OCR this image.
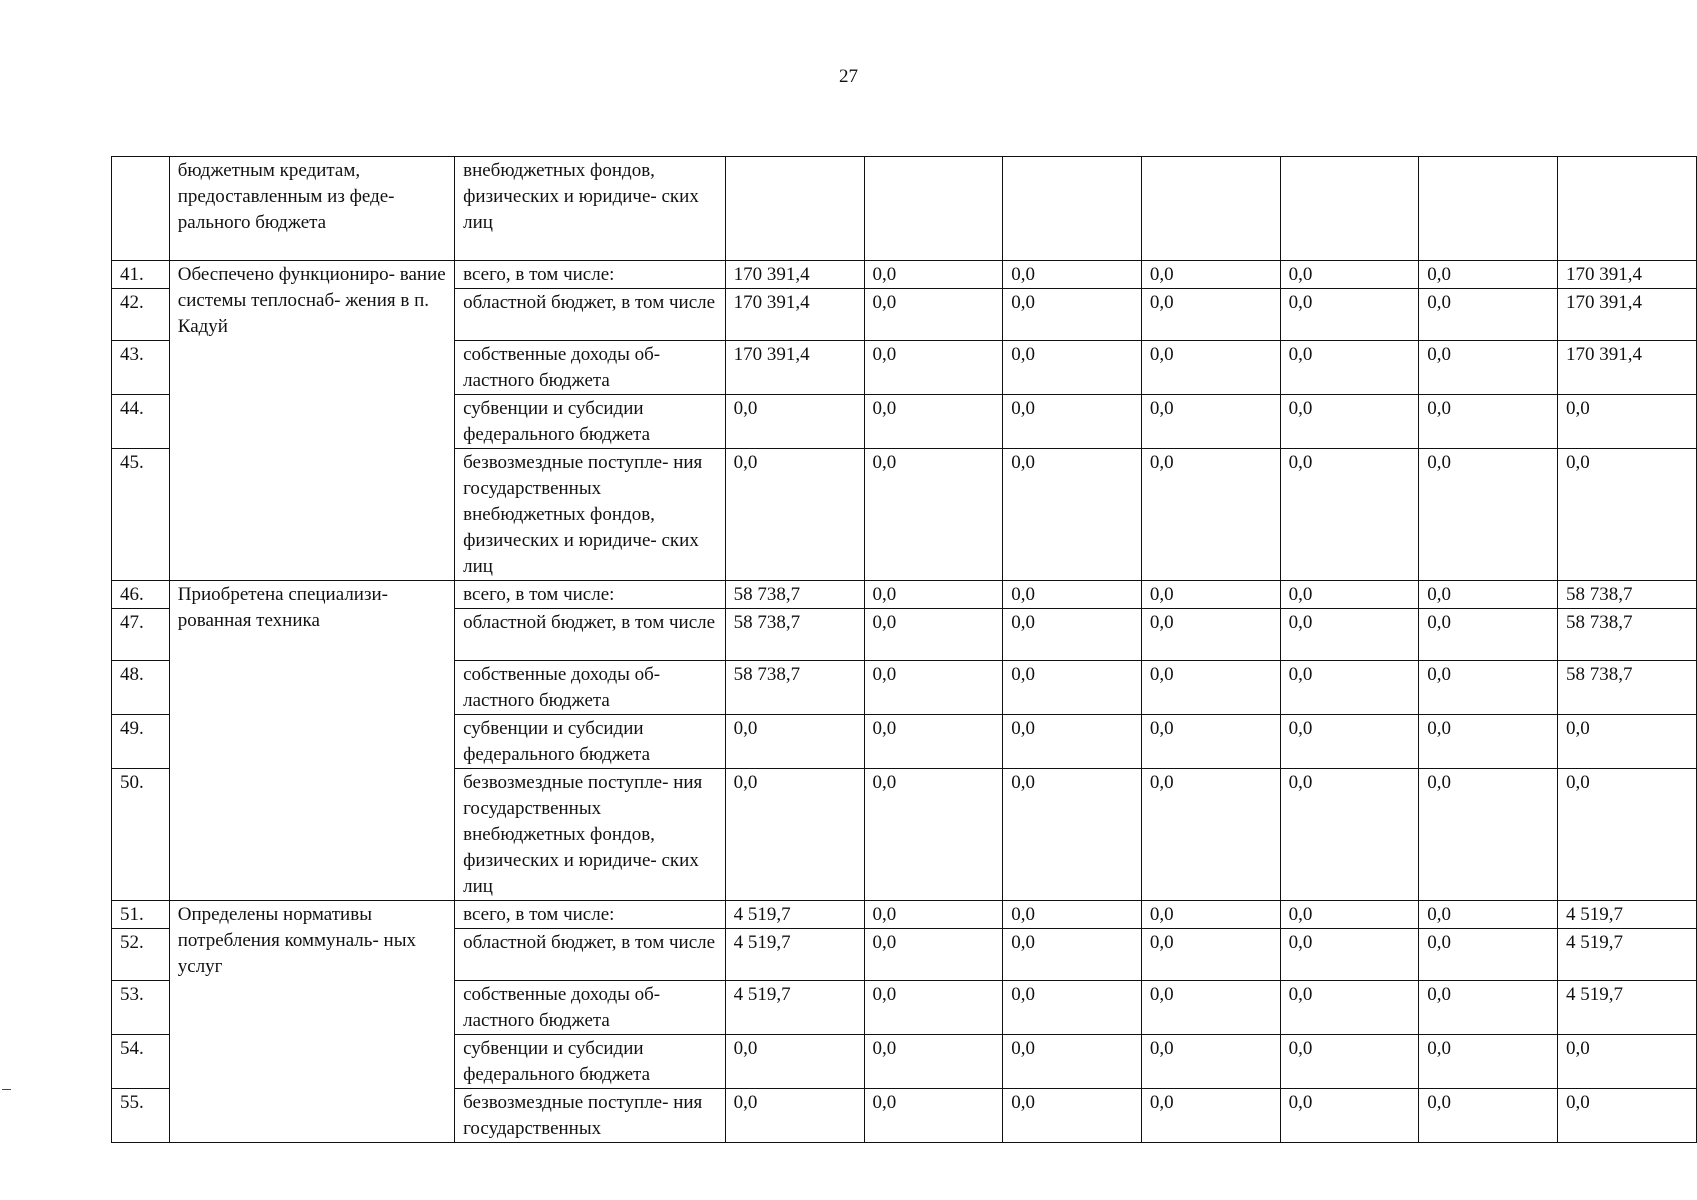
27
	бюджетным кредитам, предоставленным из феде- рального бюджета	внебюджетных фондов, физических и юридиче- ских лиц							
41.	Обеспечено функциониро- вание системы теплоснаб- жения в п. Кадуй	всего, в том числе:	170 391,4	0,0	0,0	0,0	0,0	0,0	170 391,4
42.		областной бюджет, в том числе	170 391,4	0,0	0,0	0,0	0,0	0,0	170 391,4
43.		собственные доходы об- ластного бюджета	170 391,4	0,0	0,0	0,0	0,0	0,0	170 391,4
44.		субвенции и субсидии федерального бюджета	0,0	0,0	0,0	0,0	0,0	0,0	0,0
45.		безвозмездные поступле- ния государственных внебюджетных фондов, физических и юридиче- ских лиц	0,0	0,0	0,0	0,0	0,0	0,0	0,0
46.	Приобретена специализи- рованная техника	всего, в том числе:	58 738,7	0,0	0,0	0,0	0,0	0,0	58 738,7
47.		областной бюджет, в том числе	58 738,7	0,0	0,0	0,0	0,0	0,0	58 738,7
48.		собственные доходы об- ластного бюджета	58 738,7	0,0	0,0	0,0	0,0	0,0	58 738,7
49.		субвенции и субсидии федерального бюджета	0,0	0,0	0,0	0,0	0,0	0,0	0,0
50.		безвозмездные поступле- ния государственных внебюджетных фондов, физических и юридиче- ских лиц	0,0	0,0	0,0	0,0	0,0	0,0	0,0
51.	Определены нормативы потребления коммуналь- ных услуг	всего, в том числе:	4 519,7	0,0	0,0	0,0	0,0	0,0	4 519,7
52.		областной бюджет, в том числе	4 519,7	0,0	0,0	0,0	0,0	0,0	4 519,7
53.		собственные доходы об- ластного бюджета	4 519,7	0,0	0,0	0,0	0,0	0,0	4 519,7
54.		субвенции и субсидии федерального бюджета	0,0	0,0	0,0	0,0	0,0	0,0	0,0
55.		безвозмездные поступле- ния государственных	0,0	0,0	0,0	0,0	0,0	0,0	0,0
